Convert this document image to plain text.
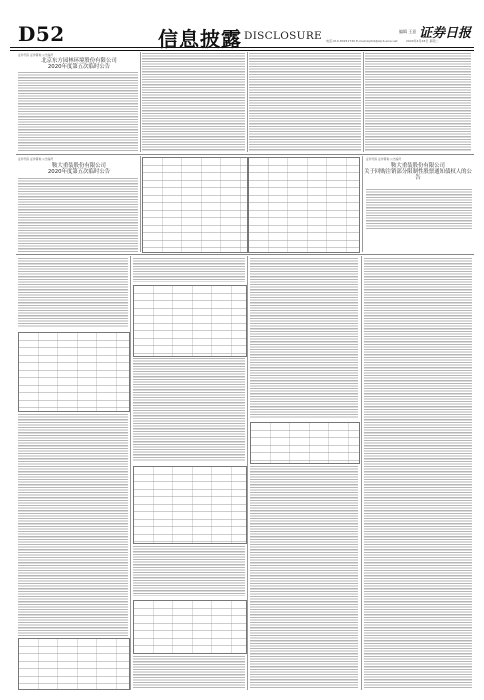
D52	信息披露 DISCLOSURE	编辑 王意 证券日报
电话:010-83251730 E-mail:zqrb9@zqrb.sina.net	2020年4月28日 星期二
证券代码 证券简称 公告编号
北京东方园林环境股份有限公司
2020年度第五次临时公告
证券代码 证券简称 公告编号
鞍大重装股份有限公司
2020年度第五次临时公告
证券代码 证券简称 公告编号
鞍大重装股份有限公司
关于回购注销部分限制性股票通知债权人的公告
